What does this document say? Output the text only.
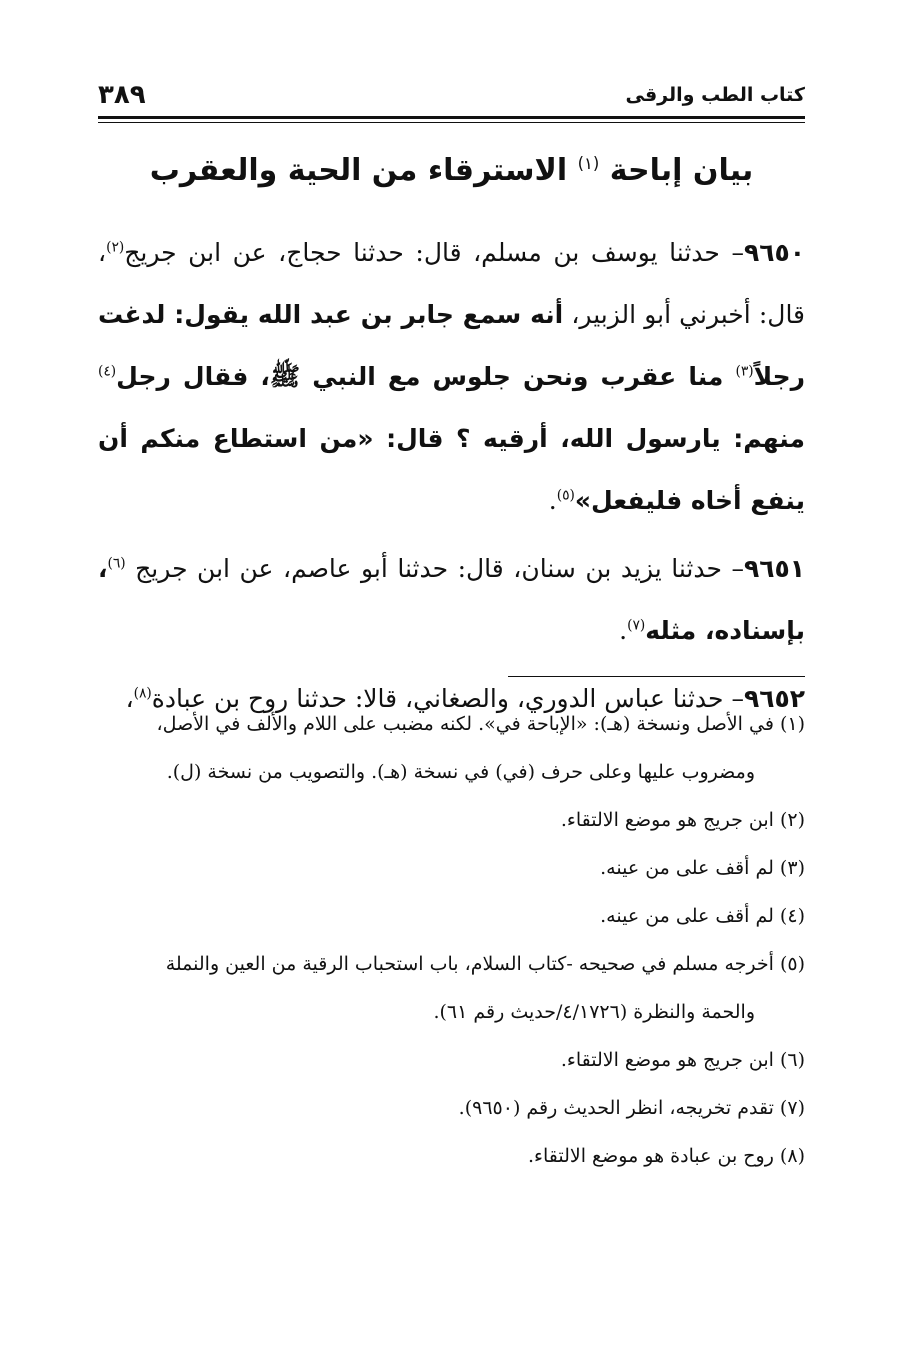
كتاب الطب والرقى
٣٨٩
بيان إباحة $^{(١)}$ الاسترقاء من الحية والعقرب

٩٦٥٠– حدثنا يوسف بن مسلم، قال: حدثنا حجاج، عن ابن جريج$^{(٢)}$، قال: أخبرني أبو الزبير، أنه سمع جابر بن عبد الله يقول: لدغت رجلاً$^{(٣)}$ منا عقرب ونحن جلوس مع النبي ﷺ، فقال رجل$^{(٤)}$ منهم: يارسول الله، أرقيه ؟ قال: «من استطاع منكم أن ينفع أخاه فليفعل»$^{(٥)}$.

٩٦٥١– حدثنا يزيد بن سنان، قال: حدثنا أبو عاصم، عن ابن جريج $^{(٦)}$، بإسناده، مثله$^{(٧)}$.

٩٦٥٢– حدثنا عباس الدوري، والصغاني، قالا: حدثنا روح بن عبادة$^{(٨)}$،

(١) في الأصل ونسخة (هـ): «الإباحة في». لكنه مضبب على اللام والألف في الأصل،

ومضروب عليها وعلى حرف (في) في نسخة (هـ). والتصويب من نسخة (ل).

(٢) ابن جريج هو موضع الالتقاء.

(٣) لم أقف على من عينه.

(٤) لم أقف على من عينه.

(٥) أخرجه مسلم في صحيحه -كتاب السلام، باب استحباب الرقية من العين والنملة

والحمة والنظرة (٤/١٧٢٦/حديث رقم ٦١).

(٦) ابن جريج هو موضع الالتقاء.

(٧) تقدم تخريجه، انظر الحديث رقم (٩٦٥٠).

(٨) روح بن عبادة هو موضع الالتقاء.
